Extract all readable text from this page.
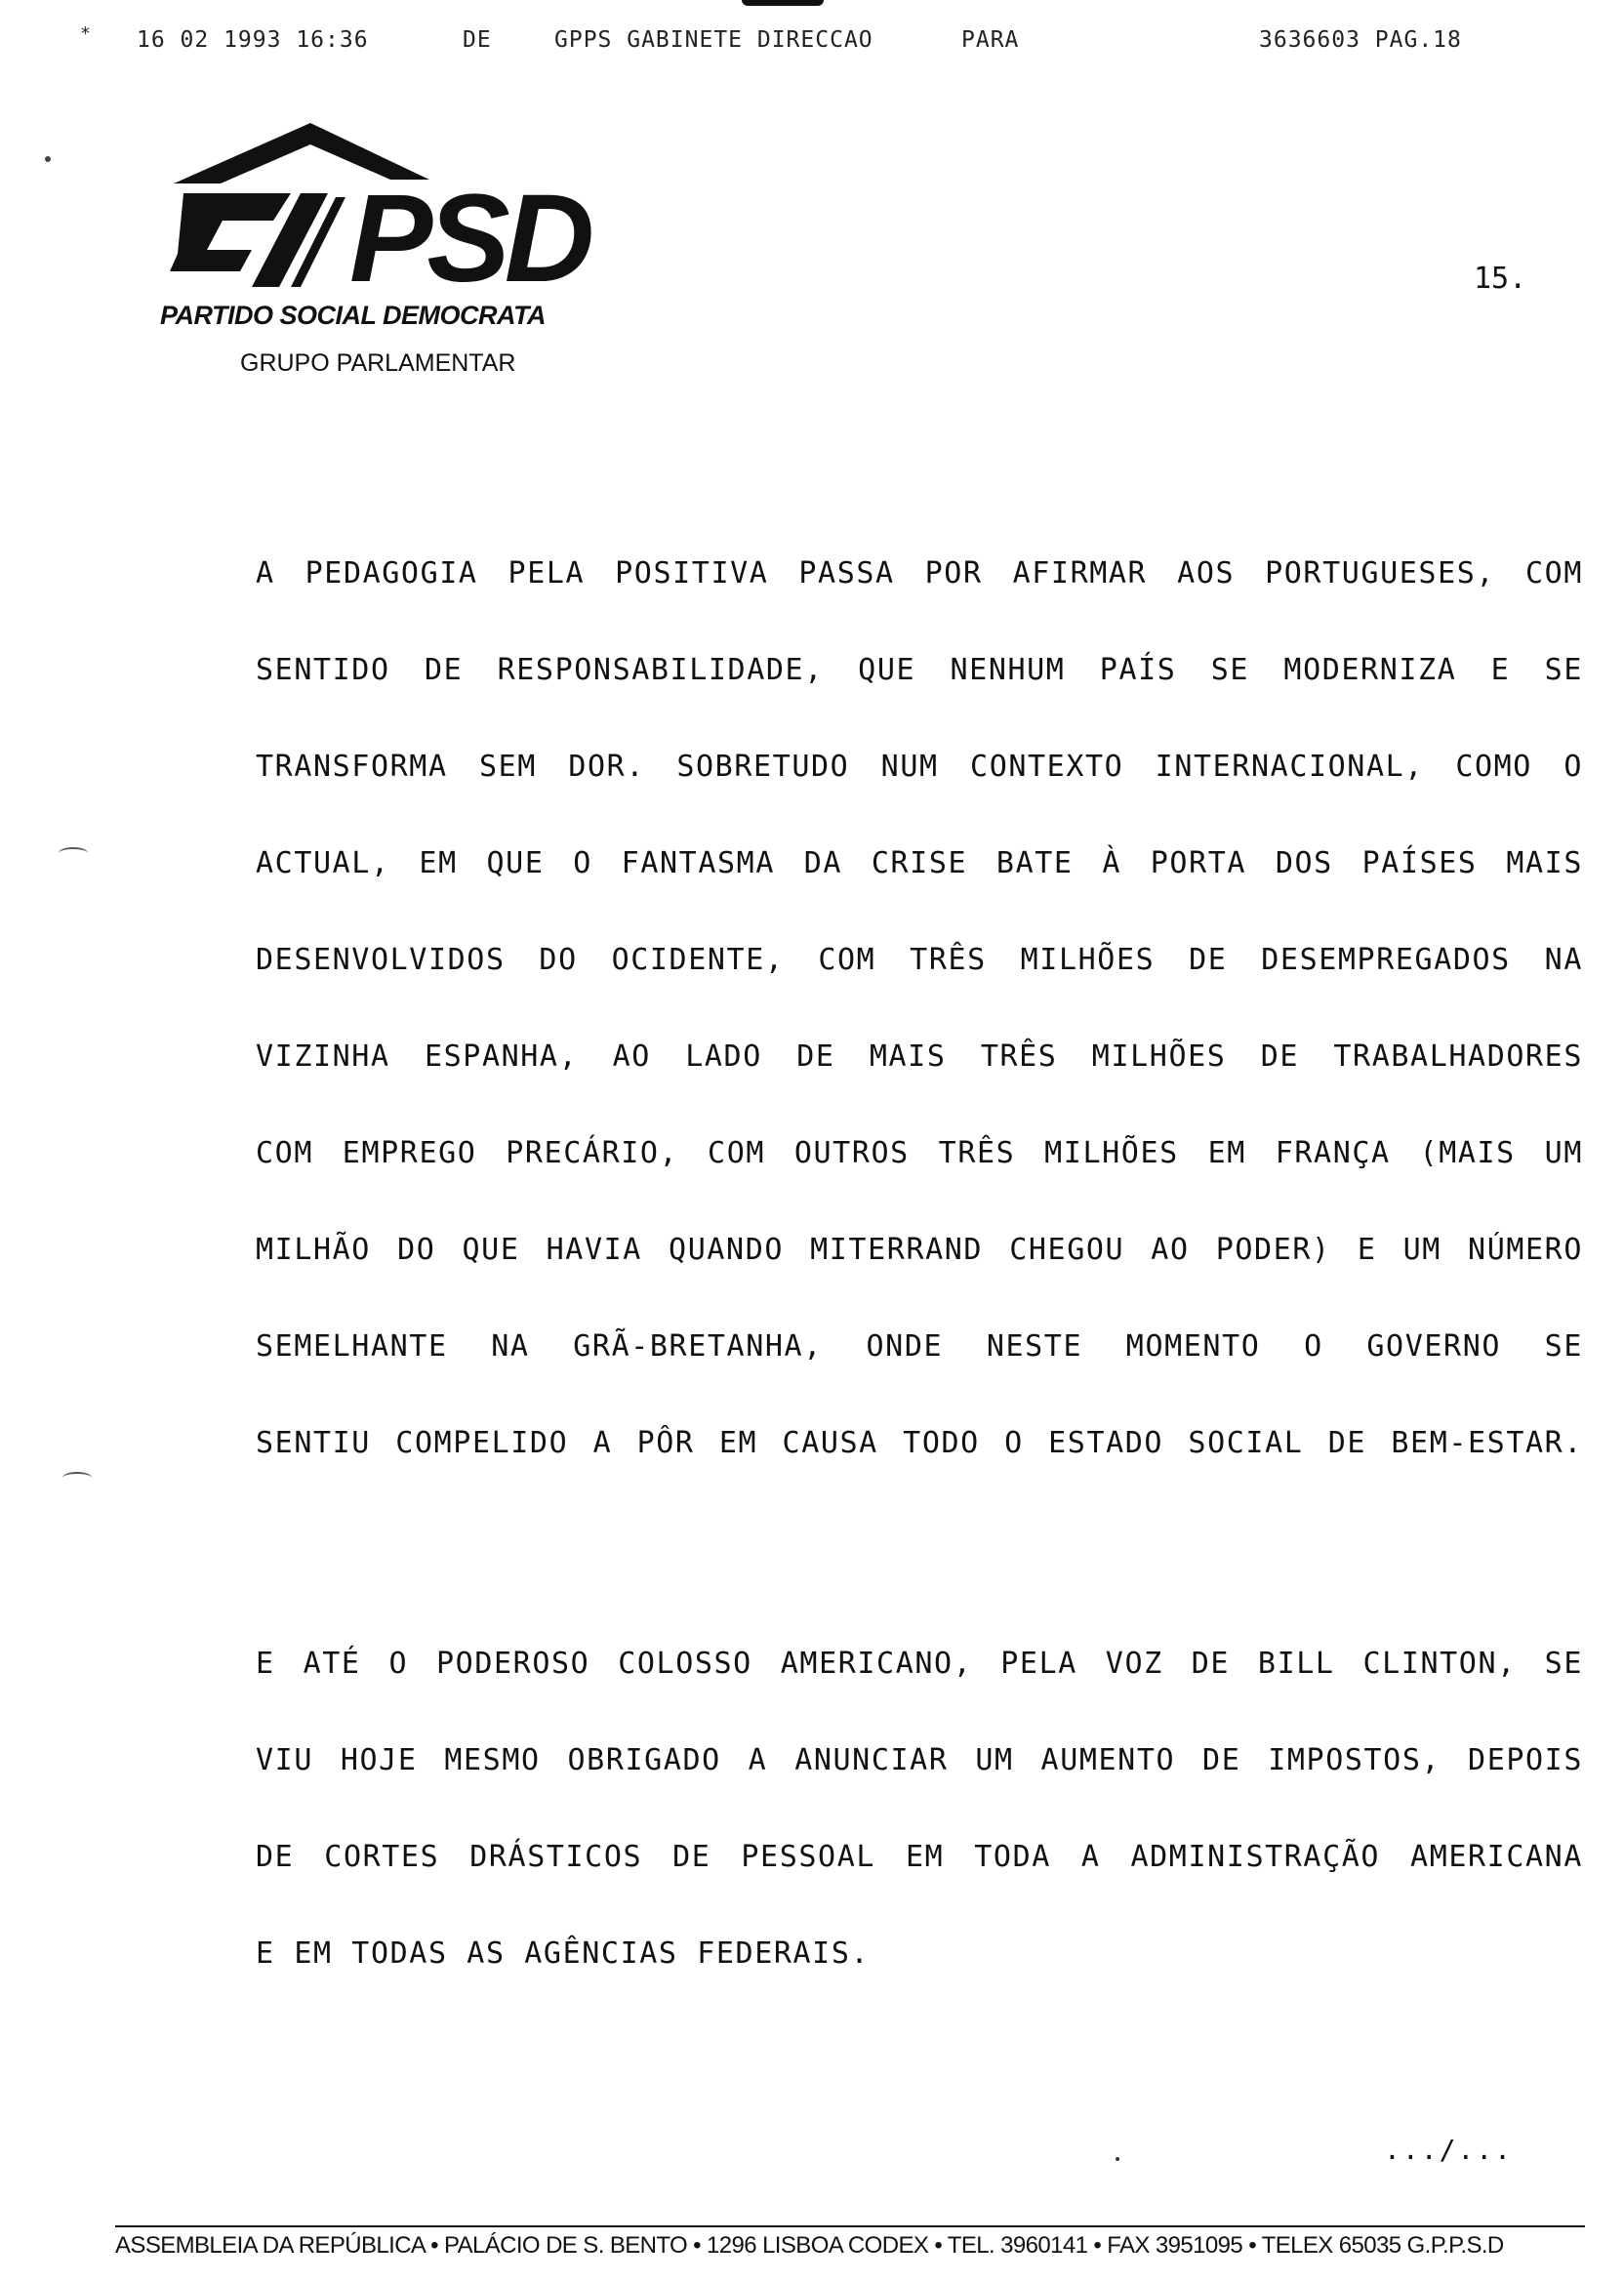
* 16 02 1993 16:36	DE	GPPS GABINETE DIRECCAO	PARA	3636603 PAG.18
PSD
PARTIDO SOCIAL DEMOCRATA
GRUPO PARLAMENTAR
15.
A PEDAGOGIA PELA POSITIVA PASSA POR AFIRMAR AOS PORTUGUESES, COM
SENTIDO DE RESPONSABILIDADE, QUE NENHUM PAÍS SE MODERNIZA E SE
TRANSFORMA SEM DOR. SOBRETUDO NUM CONTEXTO INTERNACIONAL, COMO O
ACTUAL, EM QUE O FANTASMA DA CRISE BATE À PORTA DOS PAÍSES MAIS
DESENVOLVIDOS DO OCIDENTE, COM TRÊS MILHÕES DE DESEMPREGADOS NA
VIZINHA ESPANHA, AO LADO DE MAIS TRÊS MILHÕES DE TRABALHADORES
COM EMPREGO PRECÁRIO, COM OUTROS TRÊS MILHÕES EM FRANÇA (MAIS UM
MILHÃO DO QUE HAVIA QUANDO MITERRAND CHEGOU AO PODER) E UM NÚMERO
SEMELHANTE NA GRÃ-BRETANHA, ONDE NESTE MOMENTO O GOVERNO SE
SENTIU COMPELIDO A PÔR EM CAUSA TODO O ESTADO SOCIAL DE BEM-ESTAR.
E ATÉ O PODEROSO COLOSSO AMERICANO, PELA VOZ DE BILL CLINTON, SE
VIU HOJE MESMO OBRIGADO A ANUNCIAR UM AUMENTO DE IMPOSTOS, DEPOIS
DE CORTES DRÁSTICOS DE PESSOAL EM TODA A ADMINISTRAÇÃO AMERICANA
E EM TODAS AS AGÊNCIAS FEDERAIS.
.../...
ASSEMBLEIA DA REPÚBLICA • PALÁCIO DE S. BENTO • 1296 LISBOA CODEX • TEL. 3960141 • FAX 3951095 • TELEX 65035 G.P.P.S.D
